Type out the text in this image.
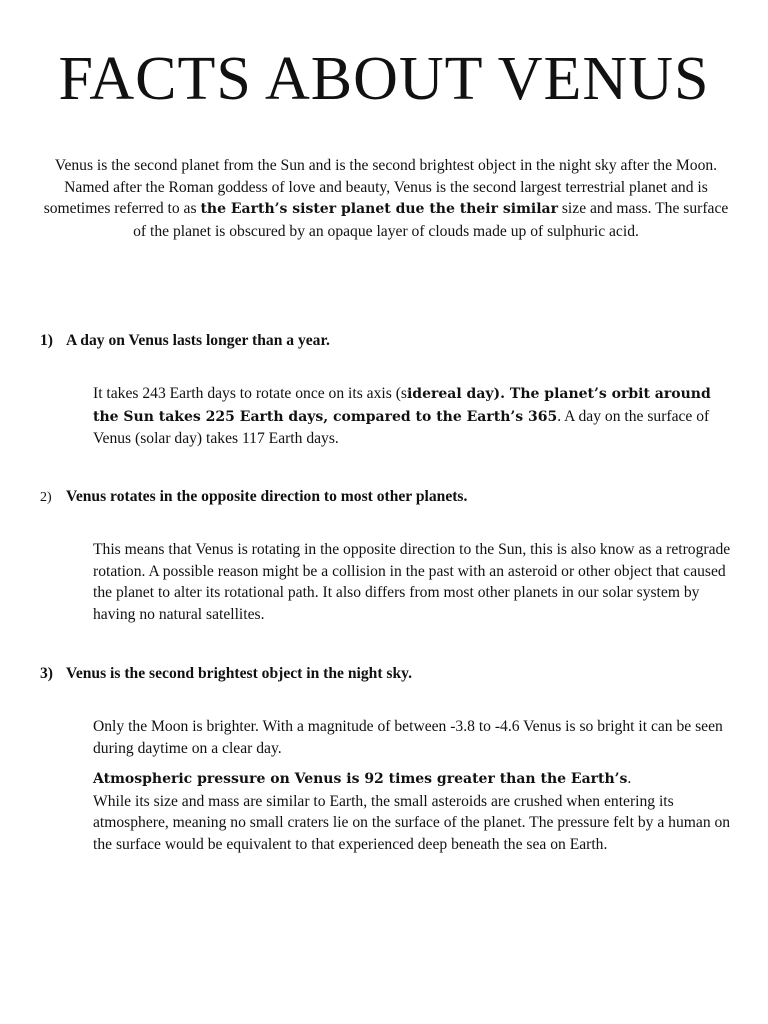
FACTS ABOUT VENUS

Venus is the second planet from the Sun and is the second brightest object in the night sky after the Moon. Named after the Roman goddess of love and beauty, Venus is the second largest terrestrial planet and is sometimes referred to as the Earth’s sister planet due the their similar size and mass. The surface of the planet is obscured by an opaque layer of clouds made up of sulphuric acid.

1) A day on Venus lasts longer than a year.

It takes 243 Earth days to rotate once on its axis (sidereal day). The planet’s orbit around the Sun takes 225 Earth days, compared to the Earth’s 365. A day on the surface of Venus (solar day) takes 117 Earth days.

2) Venus rotates in the opposite direction to most other planets.

This means that Venus is rotating in the opposite direction to the Sun, this is also know as a retrograde rotation. A possible reason might be a collision in the past with an asteroid or other object that caused the planet to alter its rotational path. It also differs from most other planets in our solar system by having no natural satellites.

3) Venus is the second brightest object in the night sky.

Only the Moon is brighter. With a magnitude of between -3.8 to -4.6 Venus is so bright it can be seen during daytime on a clear day.

Atmospheric pressure on Venus is 92 times greater than the Earth’s.
While its size and mass are similar to Earth, the small asteroids are crushed when entering its atmosphere, meaning no small craters lie on the surface of the planet. The pressure felt by a human on the surface would be equivalent to that experienced deep beneath the sea on Earth.
